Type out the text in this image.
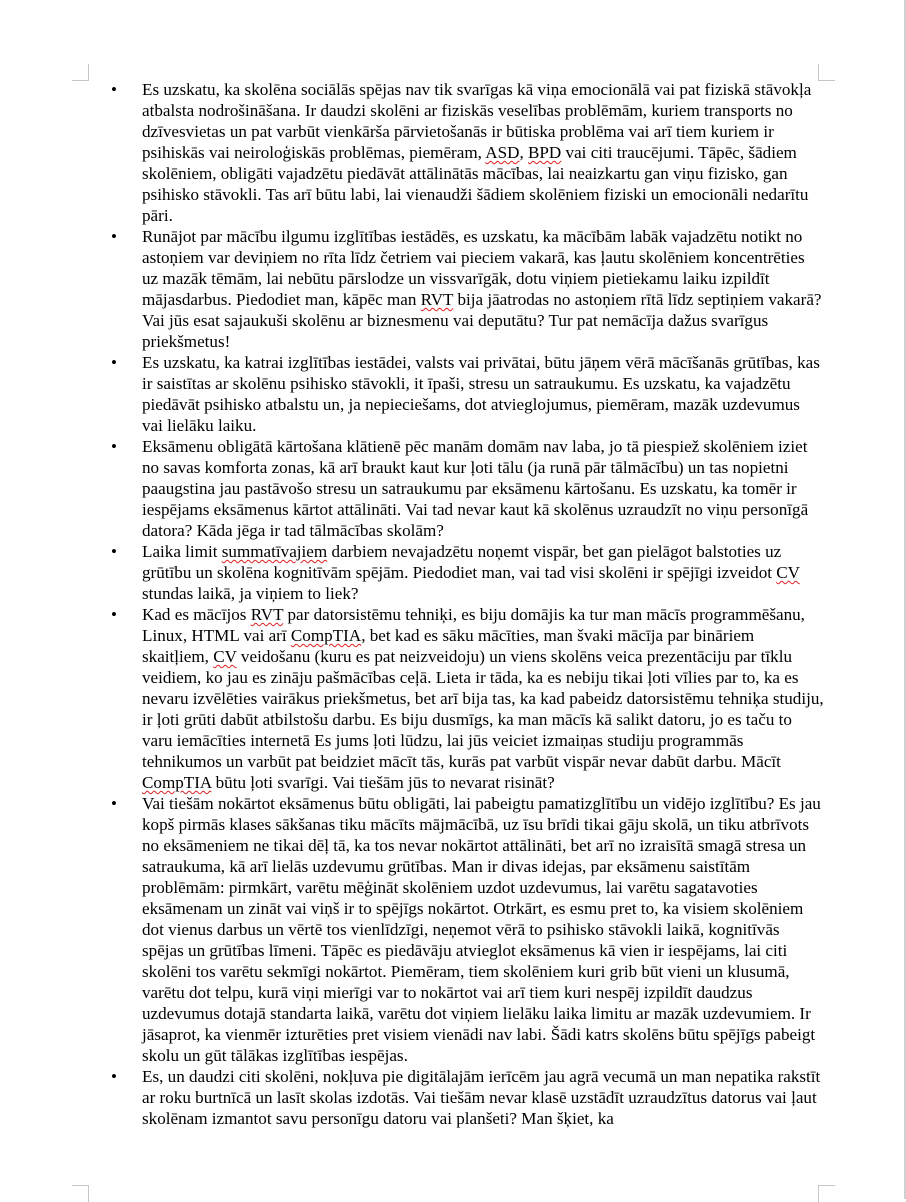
• Es uzskatu, ka skolēna sociālās spējas nav tik svarīgas kā viņa emocionālā vai pat fiziskā stāvokļa atbalsta nodrošināšana. Ir daudzi skolēni ar fiziskās veselības problēmām, kuriem transports no dzīvesvietas un pat varbūt vienkārša pārvietošanās ir būtiska problēma vai arī tiem kuriem ir psihiskās vai neiroloģiskās problēmas, piemēram, ASD, BPD vai citi traucējumi. Tāpēc, šādiem skolēniem, obligāti vajadzētu piedāvāt attālinātās mācības, lai neaizkartu gan viņu fizisko, gan psihisko stāvokli. Tas arī būtu labi, lai vienaudži šādiem skolēniem fiziski un emocionāli nedarītu pāri.
• Runājot par mācību ilgumu izglītības iestādēs, es uzskatu, ka mācībām labāk vajadzētu notikt no astoņiem var deviņiem no rīta līdz četriem vai pieciem vakarā, kas ļautu skolēniem koncentrēties uz mazāk tēmām, lai nebūtu pārslodze un vissvarīgāk, dotu viņiem pietiekamu laiku izpildīt mājasdarbus. Piedodiet man, kāpēc man RVT bija jāatrodas no astoņiem rītā līdz septiņiem vakarā? Vai jūs esat sajaukuši skolēnu ar biznesmenu vai deputātu? Tur pat nemācīja dažus svarīgus priekšmetus!
• Es uzskatu, ka katrai izglītības iestādei, valsts vai privātai, būtu jāņem vērā mācīšanās grūtības, kas ir saistītas ar skolēnu psihisko stāvokli, it īpaši, stresu un satraukumu. Es uzskatu, ka vajadzētu piedāvāt psihisko atbalstu un, ja nepieciešams, dot atvieglojumus, piemēram, mazāk uzdevumus vai lielāku laiku.
• Eksāmenu obligātā kārtošana klātienē pēc manām domām nav laba, jo tā piespiež skolēniem iziet no savas komforta zonas, kā arī braukt kaut kur ļoti tālu (ja runā pār tālmācību) un tas nopietni paaugstina jau pastāvošo stresu un satraukumu par eksāmenu kārtošanu. Es uzskatu, ka tomēr ir iespējams eksāmenus kārtot attālināti. Vai tad nevar kaut kā skolēnus uzraudzīt no viņu personīgā datora? Kāda jēga ir tad tālmācības skolām?
• Laika limit summatīvajiem darbiem nevajadzētu noņemt vispār, bet gan pielāgot balstoties uz grūtību un skolēna kognitīvām spējām. Piedodiet man, vai tad visi skolēni ir spējīgi izveidot CV stundas laikā, ja viņiem to liek?
• Kad es mācījos RVT par datorsistēmu tehniķi, es biju domājis ka tur man mācīs programmēšanu, Linux, HTML vai arī CompTIA, bet kad es sāku mācīties, man švaki mācīja par bināriem skaitļiem, CV veidošanu (kuru es pat neizveidoju) un viens skolēns veica prezentāciju par tīklu veidiem, ko jau es zināju pašmācības ceļā. Lieta ir tāda, ka es nebiju tikai ļoti vīlies par to, ka es nevaru izvēlēties vairākus priekšmetus, bet arī bija tas, ka kad pabeidz datorsistēmu tehniķa studiju, ir ļoti grūti dabūt atbilstošu darbu. Es biju dusmīgs, ka man mācīs kā salikt datoru, jo es taču to varu iemācīties internetā Es jums ļoti lūdzu, lai jūs veiciet izmaiņas studiju programmās tehnikumos un varbūt pat beidziet mācīt tās, kurās pat varbūt vispār nevar dabūt darbu. Mācīt CompTIA būtu ļoti svarīgi. Vai tiešām jūs to nevarat risināt?
• Vai tiešām nokārtot eksāmenus būtu obligāti, lai pabeigtu pamatizglītību un vidējo izglītību? Es jau kopš pirmās klases sākšanas tiku mācīts mājmācībā, uz īsu brīdi tikai gāju skolā, un tiku atbrīvots no eksāmeniem ne tikai dēļ tā, ka tos nevar nokārtot attālināti, bet arī no izraisītā smagā stresa un satraukuma, kā arī lielās uzdevumu grūtības. Man ir divas idejas, par eksāmenu saistītām problēmām: pirmkārt, varētu mēģināt skolēniem uzdot uzdevumus, lai varētu sagatavoties eksāmenam un zināt vai viņš ir to spējīgs nokārtot. Otrkārt, es esmu pret to, ka visiem skolēniem dot vienus darbus un vērtē tos vienlīdzīgi, neņemot vērā to psihisko stāvokli laikā, kognitīvās spējas un grūtības līmeni. Tāpēc es piedāvāju atvieglot eksāmenus kā vien ir iespējams, lai citi skolēni tos varētu sekmīgi nokārtot. Piemēram, tiem skolēniem kuri grib būt vieni un klusumā, varētu dot telpu, kurā viņi mierīgi var to nokārtot vai arī tiem kuri nespēj izpildīt daudzus uzdevumus dotajā standarta laikā, varētu dot viņiem lielāku laika limitu ar mazāk uzdevumiem. Ir jāsaprot, ka vienmēr izturēties pret visiem vienādi nav labi. Šādi katrs skolēns būtu spējīgs pabeigt skolu un gūt tālākas izglītības iespējas.
• Es, un daudzi citi skolēni, nokļuva pie digitālajām ierīcēm jau agrā vecumā un man nepatika rakstīt ar roku burtnīcā un lasīt skolas izdotās. Vai tiešām nevar klasē uzstādīt uzraudzītus datorus vai ļaut skolēnam izmantot savu personīgu datoru vai planšeti? Man šķiet, ka
